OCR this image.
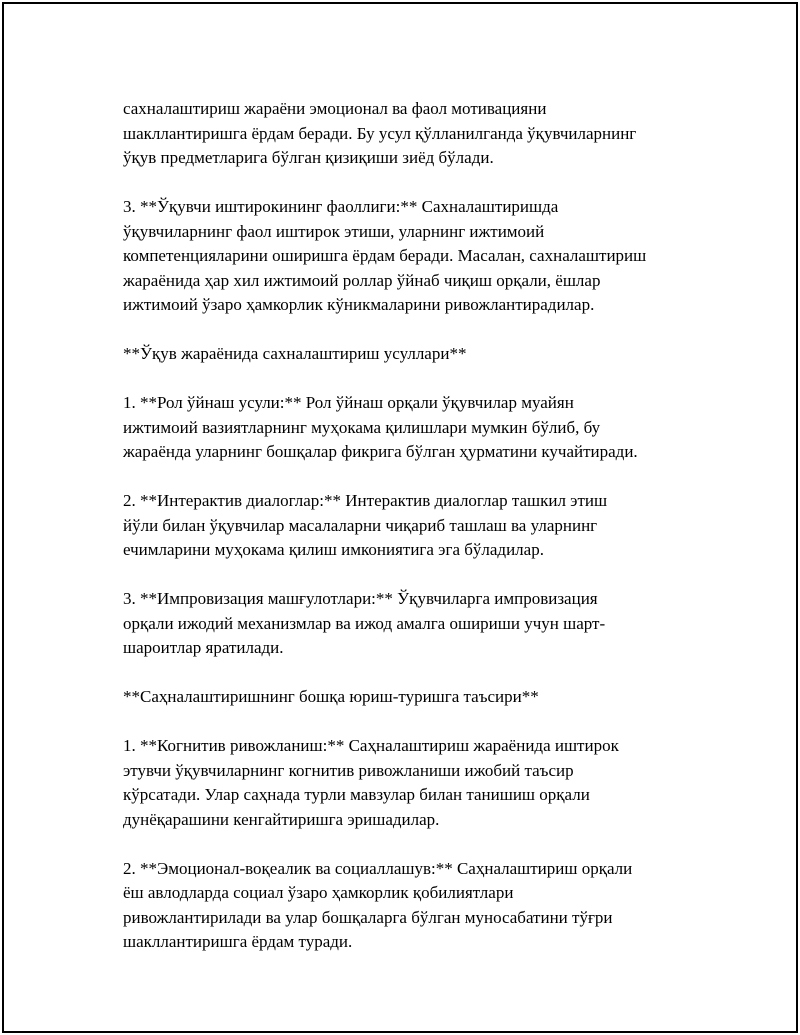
сахналаштириш жараёни эмоционал ва фаол мотивацияни
шакллантиришга ёрдам беради. Бу усул қўлланилганда ўқувчиларнинг
ўқув предметларига бўлган қизиқиши зиёд бўлади.

3. **Ўқувчи иштирокининг фаоллиги:** Сахналаштиришда
ўқувчиларнинг фаол иштирок этиши, уларнинг ижтимоий
компетенцияларини оширишга ёрдам беради. Масалан, сахналаштириш
жараёнида ҳар хил ижтимоий роллар ўйнаб чиқиш орқали, ёшлар
ижтимоий ўзаро ҳамкорлик кўникмаларини ривожлантирадилар.

**Ўқув жараёнида сахналаштириш усуллари**

1. **Рол ўйнаш усули:** Рол ўйнаш орқали ўқувчилар муайян
ижтимоий вазиятларнинг муҳокама қилишлари мумкин бўлиб, бу
жараёнда уларнинг бошқалар фикрига бўлган ҳурматини кучайтиради.

2. **Интерактив диалоглар:** Интерактив диалоглар ташкил этиш
йўли билан ўқувчилар масалаларни чиқариб ташлаш ва уларнинг
ечимларини муҳокама қилиш имкониятига эга бўладилар.

3. **Импровизация машғулотлари:** Ўқувчиларга импровизация
орқали ижодий механизмлар ва ижод амалга ошириши учун шарт-
шароитлар яратилади.

**Саҳналаштиришнинг бошқа юриш-туришга таъсири**

1. **Когнитив ривожланиш:** Саҳналаштириш жараёнида иштирок
этувчи ўқувчиларнинг когнитив ривожланиши ижобий таъсир
кўрсатади. Улар саҳнада турли мавзулар билан танишиш орқали
дунёқарашини кенгайтиришга эришадилар.

2. **Эмоционал-воқеалик ва социаллашув:** Саҳналаштириш орқали
ёш авлодларда социал ўзаро ҳамкорлик қобилиятлари
ривожлантирилади ва улар бошқаларга бўлган муносабатини тўғри
шакллантиришга ёрдам туради.
